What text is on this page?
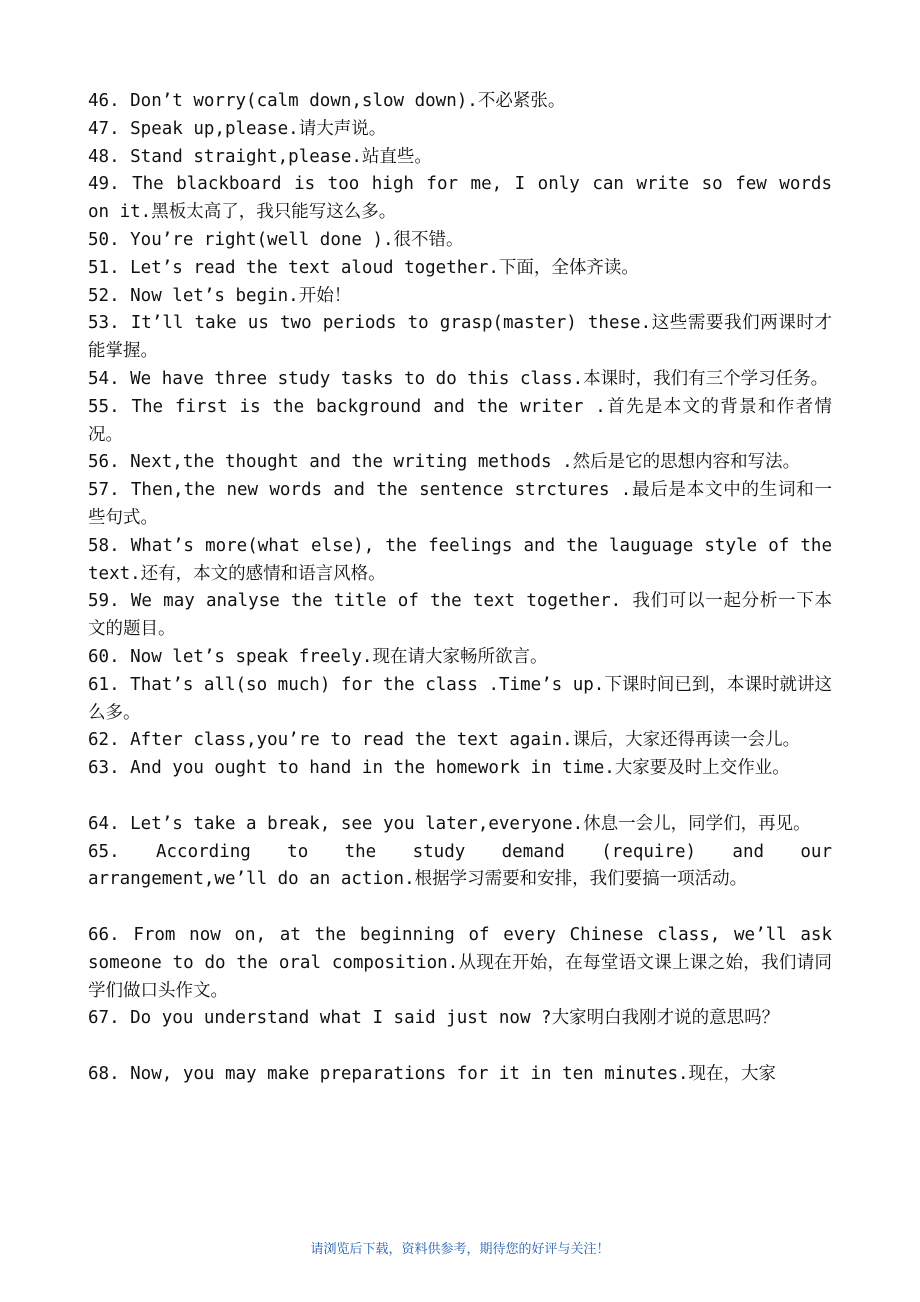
46. Don’t worry(calm down,slow down).不必紧张。
47. Speak up,please.请大声说。
48. Stand straight,please.站直些。
49. The blackboard is too high for me, I only can write so few words on it.黑板太高了，我只能写这么多。
50. You’re right(well done ).很不错。
51. Let’s read the text aloud together.下面，全体齐读。
52. Now let’s begin.开始！
53. It’ll take us two periods to grasp(master) these.这些需要我们两课时才能掌握。
54. We have three study tasks to do this class.本课时，我们有三个学习任务。
55. The first is the background and the writer .首先是本文的背景和作者情况。
56. Next,the thought and the writing methods .然后是它的思想内容和写法。
57. Then,the new words and the sentence strctures .最后是本文中的生词和一些句式。
58. What’s more(what else), the feelings and the lauguage style of the text.还有，本文的感情和语言风格。
59. We may analyse the title of the text together. 我们可以一起分析一下本文的题目。
60. Now let’s speak freely.现在请大家畅所欲言。
61. That’s all(so much) for the class .Time’s up.下课时间已到，本课时就讲这么多。
62. After class,you’re to read the text again.课后，大家还得再读一会儿。
63. And you ought to hand in the homework in time.大家要及时上交作业。
64. Let’s take a break, see you later,everyone.休息一会儿，同学们，再见。
65.  According  to  the  study  demand  (require)  and  our arrangement,we’ll do an action.根据学习需要和安排，我们要搞一项活动。
66. From now on, at the beginning of every Chinese class, we’ll ask someone to do the oral composition.从现在开始，在每堂语文课上课之始，我们请同学们做口头作文。
67. Do you understand what I said just now ?大家明白我刚才说的意思吗？
68. Now, you may make preparations for it in ten minutes.现在，大家
请浏览后下载，资料供参考，期待您的好评与关注！
